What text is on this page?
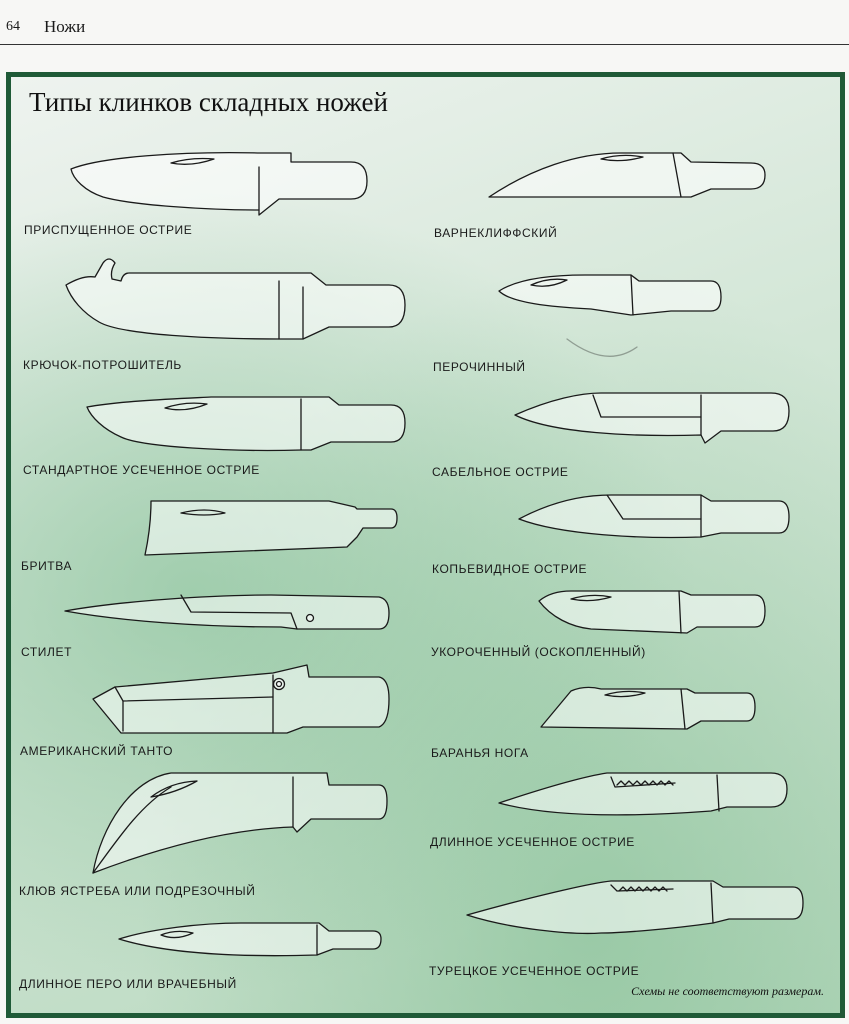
64 Ножи
Типы клинков складных ножей
ПРИСПУЩЕННОЕ ОСТРИЕ
КРЮЧОК-ПОТРОШИТЕЛЬ
СТАНДАРТНОЕ УСЕЧЕННОЕ ОСТРИЕ
БРИТВА
СТИЛЕТ
АМЕРИКАНСКИЙ ТАНТО
КЛЮВ ЯСТРЕБА ИЛИ ПОДРЕЗОЧНЫЙ
ДЛИННОЕ ПЕРО ИЛИ ВРАЧЕБНЫЙ
ВАРНЕКЛИФФСКИЙ
ПЕРОЧИННЫЙ
САБЕЛЬНОЕ ОСТРИЕ
КОПЬЕВИДНОЕ ОСТРИЕ
УКОРОЧЕННЫЙ (ОСКОПЛЕННЫЙ)
БАРАНЬЯ НОГА
ДЛИННОЕ УСЕЧЕННОЕ ОСТРИЕ
ТУРЕЦКОЕ УСЕЧЕННОЕ ОСТРИЕ
Схемы не соответствуют размерам.
